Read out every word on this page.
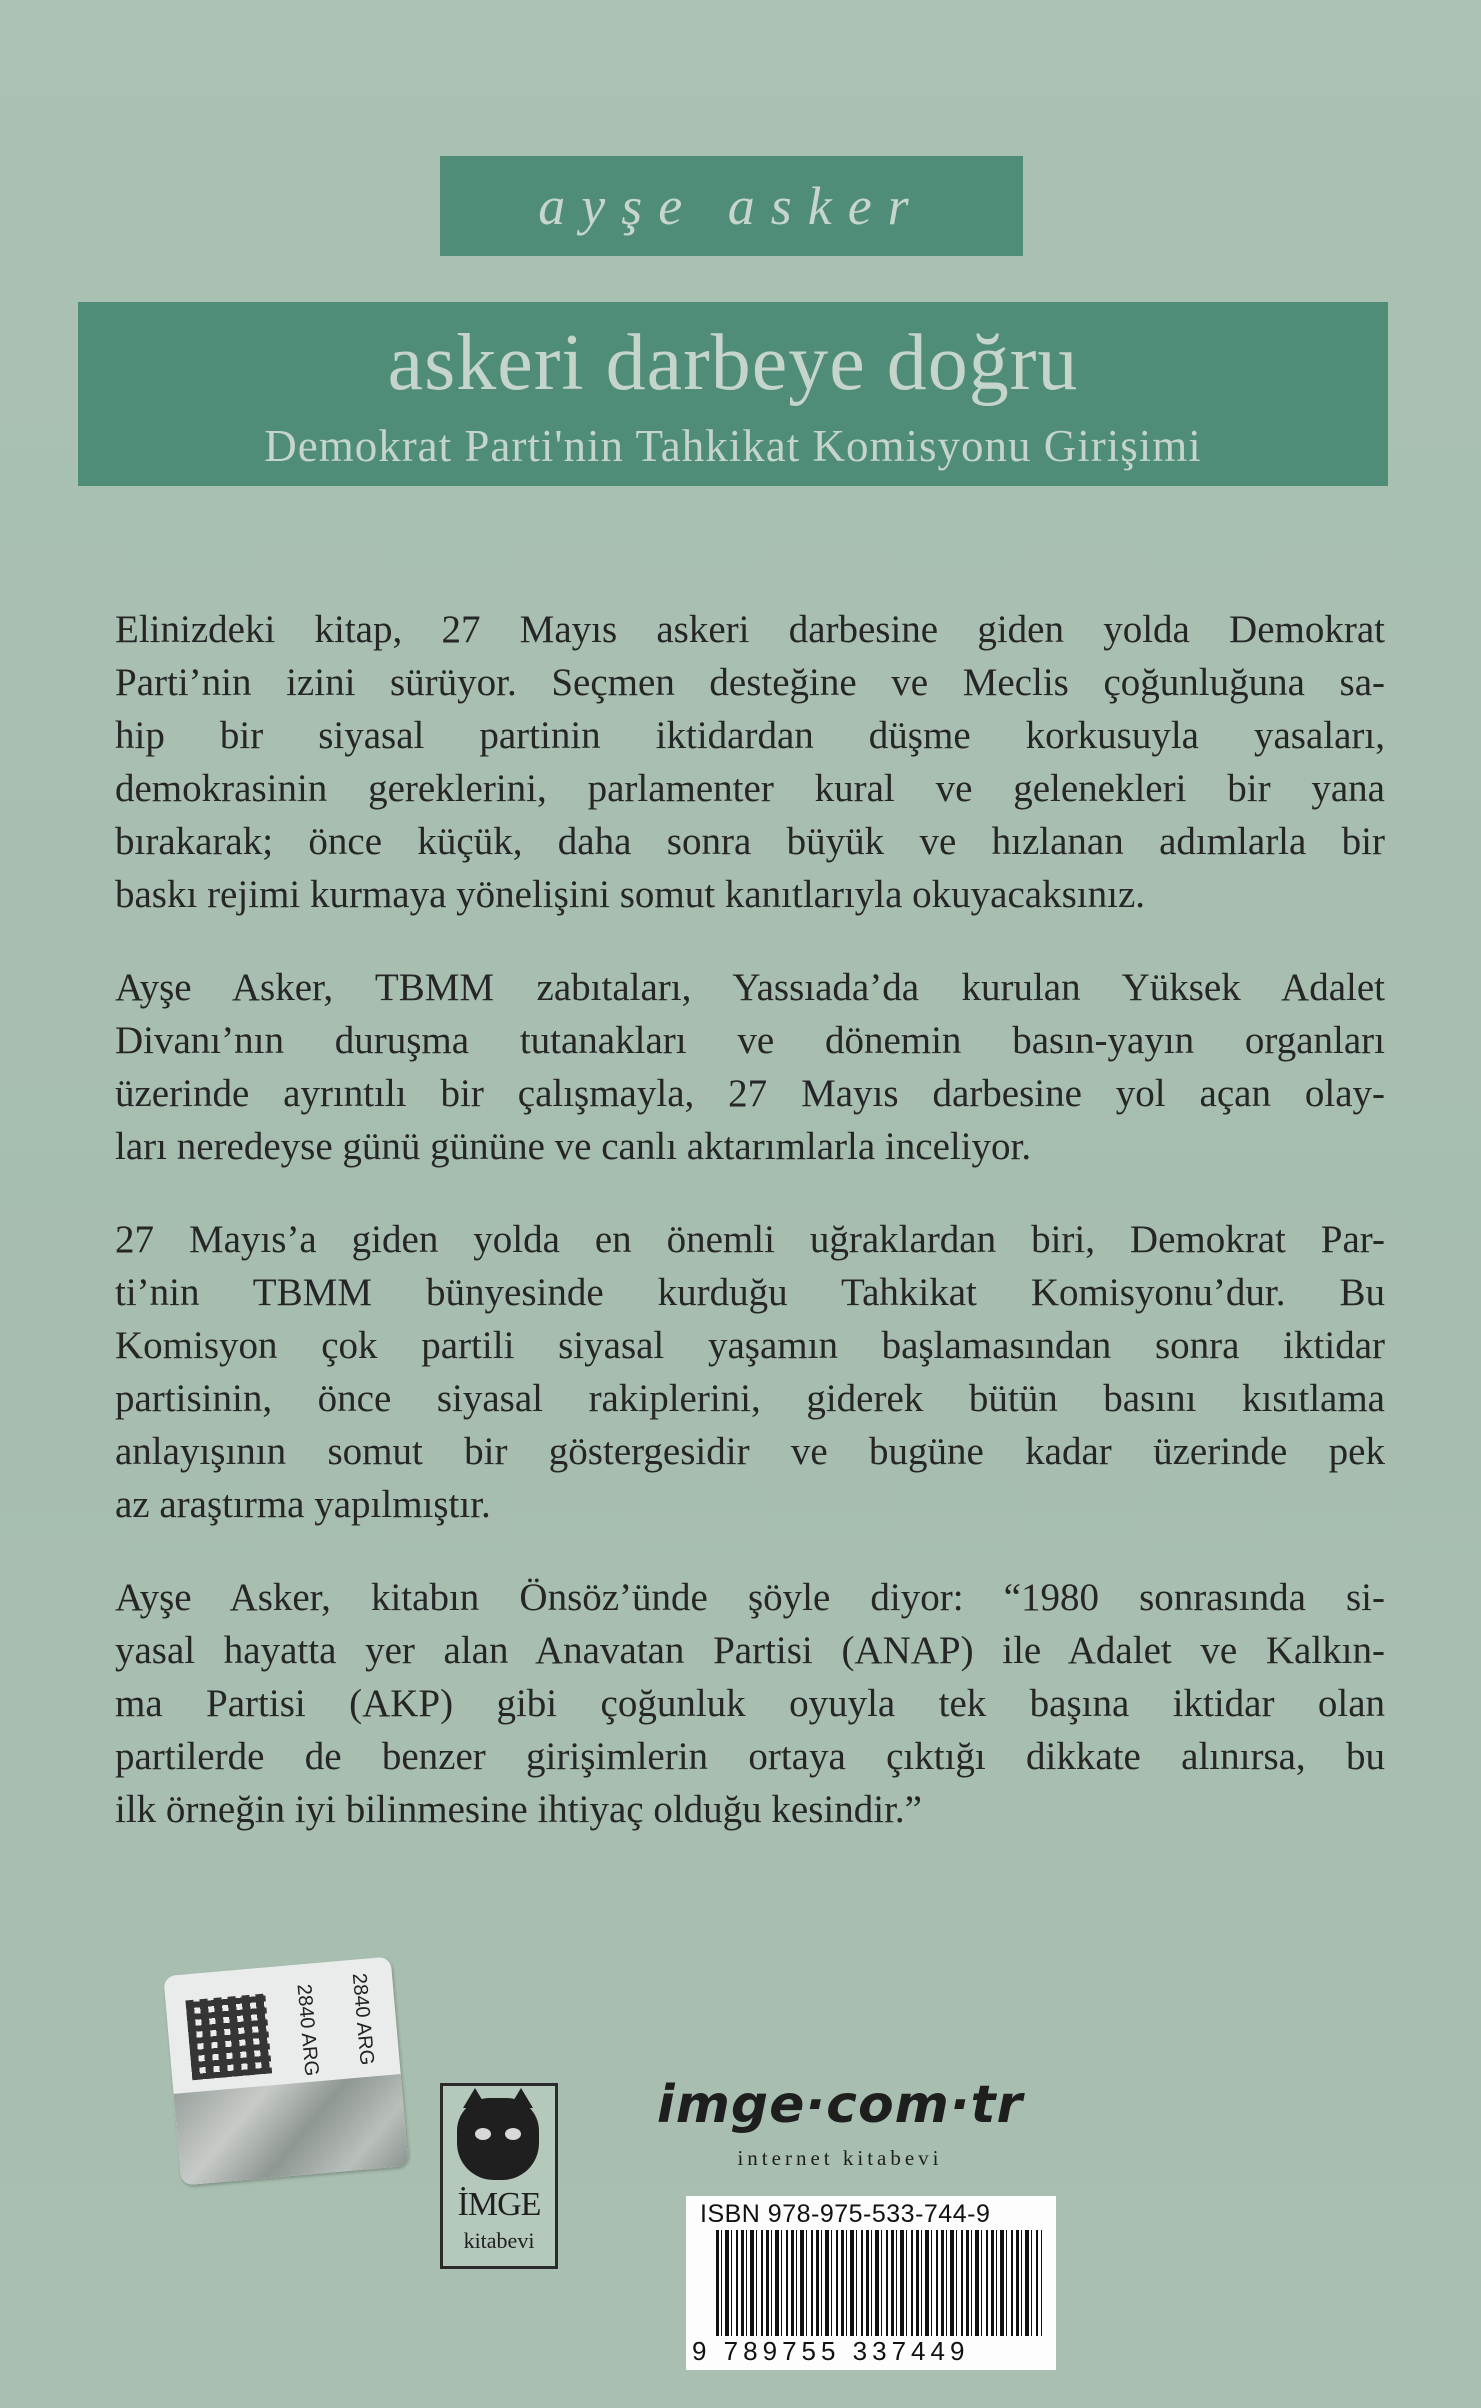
ayşe asker
askeri darbeye doğru
Demokrat Parti'nin Tahkikat Komisyonu Girişimi
Elinizdeki kitap, 27 Mayıs askeri darbesine giden yolda Demokrat
Parti’nin izini sürüyor. Seçmen desteğine ve Meclis çoğunluğuna sa-
hip bir siyasal partinin iktidardan düşme korkusuyla yasaları,
demokrasinin gereklerini, parlamenter kural ve gelenekleri bir yana
bırakarak; önce küçük, daha sonra büyük ve hızlanan adımlarla bir
baskı rejimi kurmaya yönelişini somut kanıtlarıyla okuyacaksınız.
Ayşe Asker, TBMM zabıtaları, Yassıada’da kurulan Yüksek Adalet
Divanı’nın duruşma tutanakları ve dönemin basın-yayın organları
üzerinde ayrıntılı bir çalışmayla, 27 Mayıs darbesine yol açan olay-
ları neredeyse günü gününe ve canlı aktarımlarla inceliyor.
27 Mayıs’a giden yolda en önemli uğraklardan biri, Demokrat Par-
ti’nin TBMM bünyesinde kurduğu Tahkikat Komisyonu’dur. Bu
Komisyon çok partili siyasal yaşamın başlamasından sonra iktidar
partisinin, önce siyasal rakiplerini, giderek bütün basını kısıtlama
anlayışının somut bir göstergesidir ve bugüne kadar üzerinde pek
az araştırma yapılmıştır.
Ayşe Asker, kitabın Önsöz’ünde şöyle diyor: “1980 sonrasında si-
yasal hayatta yer alan Anavatan Partisi (ANAP) ile Adalet ve Kalkın-
ma Partisi (AKP) gibi çoğunluk oyuyla tek başına iktidar olan
partilerde de benzer girişimlerin ortaya çıktığı dikkate alınırsa, bu
ilk örneğin iyi bilinmesine ihtiyaç olduğu kesindir.”
2840 ARG 2840 ARG
İMGE
kitabevi
imge·com·tr
internet kitabevi
ISBN 978-975-533-744-9
9 789755 337449
